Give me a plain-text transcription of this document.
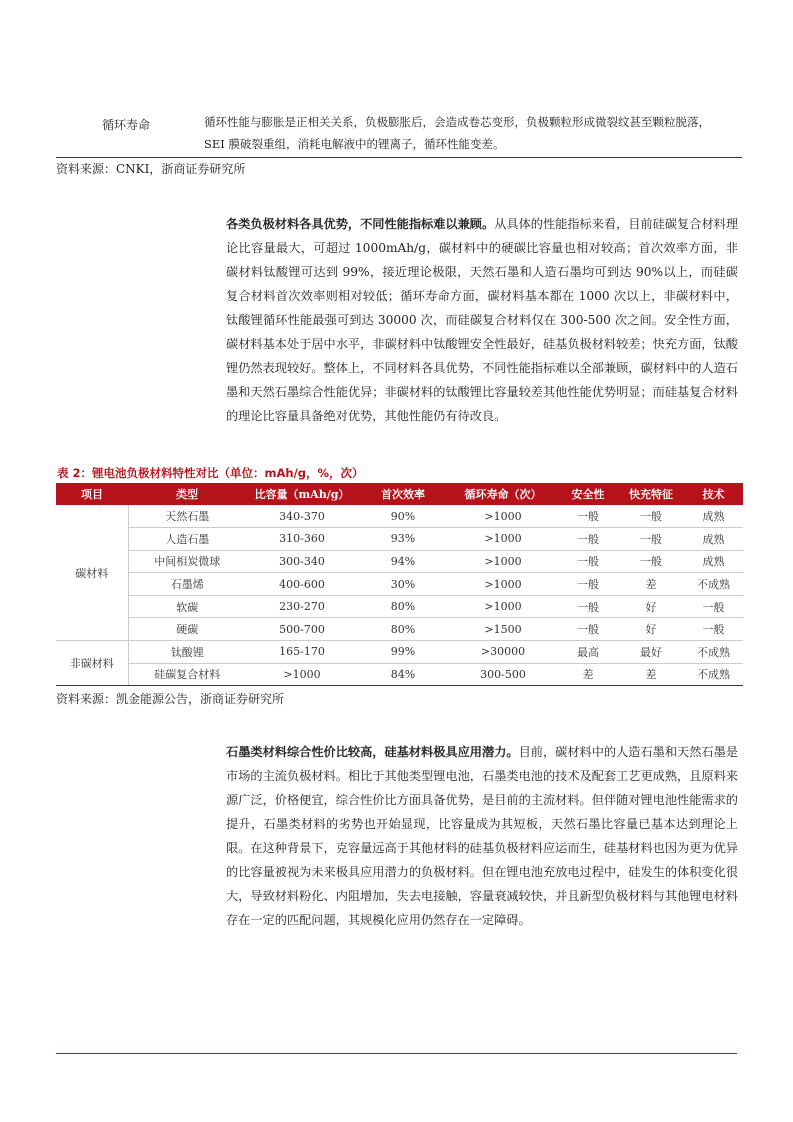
循环寿命	循环性能与膨胀是正相关关系，负极膨胀后，会造成卷芯变形，负极颗粒形成微裂纹甚至颗粒脱落，
SEI 膜破裂重组，消耗电解液中的锂离子，循环性能变差。
资料来源：CNKI，浙商证券研究所
各类负极材料各具优势，不同性能指标难以兼顾。从具体的性能指标来看，目前硅碳复合材料理论比容量最大，可超过 1000mAh/g，碳材料中的硬碳比容量也相对较高；首次效率方面，非碳材料钛酸锂可达到 99%，接近理论极限，天然石墨和人造石墨均可到达 90%以上，而硅碳复合材料首次效率则相对较低；循环寿命方面，碳材料基本都在 1000 次以上，非碳材料中，钛酸锂循环性能最强可到达 30000 次，而硅碳复合材料仅在 300-500 次之间。安全性方面，碳材料基本处于居中水平，非碳材料中钛酸锂安全性最好，硅基负极材料较差；快充方面，钛酸锂仍然表现较好。整体上，不同材料各具优势，不同性能指标难以全部兼顾，碳材料中的人造石墨和天然石墨综合性能优异；非碳材料的钛酸锂比容量较差其他性能优势明显；而硅基复合材料的理论比容量具备绝对优势，其他性能仍有待改良。
表 2：锂电池负极材料特性对比（单位：mAh/g，%，次）
项目	类型	比容量（mAh/g）	首次效率	循环寿命（次）	安全性	快充特征	技术
碳材料	天然石墨	340-370	90%	>1000	一般	一般	成熟
	人造石墨	310-360	93%	>1000	一般	一般	成熟
	中间相炭微球	300-340	94%	>1000	一般	一般	成熟
	石墨烯	400-600	30%	>1000	一般	差	不成熟
	软碳	230-270	80%	>1000	一般	好	一般
	硬碳	500-700	80%	>1500	一般	好	一般
非碳材料	钛酸锂	165-170	99%	>30000	最高	最好	不成熟
	硅碳复合材料	>1000	84%	300-500	差	差	不成熟
资料来源：凯金能源公告，浙商证券研究所
石墨类材料综合性价比较高，硅基材料极具应用潜力。目前，碳材料中的人造石墨和天然石墨是市场的主流负极材料。相比于其他类型锂电池，石墨类电池的技术及配套工艺更成熟，且原料来源广泛，价格便宜，综合性价比方面具备优势，是目前的主流材料。但伴随对锂电池性能需求的提升，石墨类材料的劣势也开始显现，比容量成为其短板，天然石墨比容量已基本达到理论上限。在这种背景下，克容量远高于其他材料的硅基负极材料应运而生，硅基材料也因为更为优异的比容量被视为未来极具应用潜力的负极材料。但在锂电池充放电过程中，硅发生的体积变化很大，导致材料粉化、内阻增加，失去电接触，容量衰减较快，并且新型负极材料与其他锂电材料存在一定的匹配问题，其规模化应用仍然存在一定障碍。
